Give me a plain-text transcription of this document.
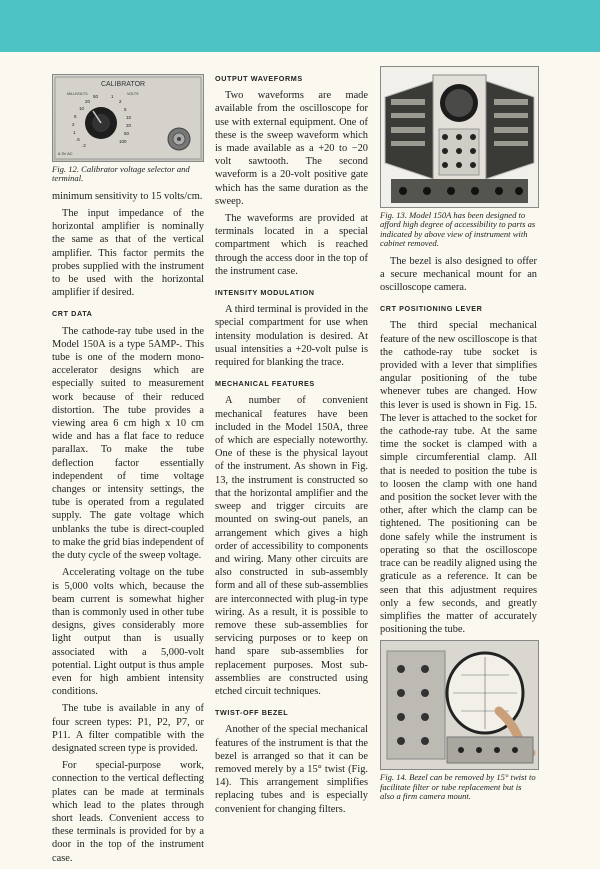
CALIBRATOR
MILLIVOLTS	VOLTS
50
20
10
5
2
1
.5
.2
1
2
5
10
20
50
100
6.3V AC
Fig. 12. Calibrator voltage selector and terminal.

minimum sensitivity to 15 volts/cm.

The input impedance of the horizontal amplifier is nominally the same as that of the vertical amplifier. This factor permits the probes supplied with the instrument to be used with the horizontal amplifier if desired.

CRT DATA

The cathode-ray tube used in the Model 150A is a type 5AMP-. This tube is one of the modern mono-accelerator designs which are especially suited to measurement work because of their reduced distortion. The tube provides a viewing area 6 cm high x 10 cm wide and has a flat face to reduce parallax. To make the tube deflection factor essentially independent of time voltage changes or intensity settings, the tube is operated from a regulated supply. The gate voltage which unblanks the tube is direct-coupled to make the grid bias independent of the duty cycle of the sweep voltage.

Accelerating voltage on the tube is 5,000 volts which, because the beam current is somewhat higher than is commonly used in other tube designs, gives considerably more light output than is usually associated with a 5,000-volt potential. Light output is thus ample even for high ambient intensity conditions.

The tube is available in any of four screen types: P1, P2, P7, or P11. A filter compatible with the designated screen type is provided.

For special-purpose work, connection to the vertical deflecting plates can be made at terminals which lead to the plates through short leads. Convenient access to these terminals is provided for by a door in the top of the instrument case.

OUTPUT WAVEFORMS

Two waveforms are made available from the oscilloscope for use with external equipment. One of these is the sweep waveform which is made available as a +20 to −20 volt sawtooth. The second waveform is a 20-volt positive gate which has the same duration as the sweep.

The waveforms are provided at terminals located in a special compartment which is reached through the access door in the top of the instrument case.

INTENSITY MODULATION

A third terminal is provided in the special compartment for use when intensity modulation is desired. At usual intensities a +20-volt pulse is required for blanking the trace.

MECHANICAL FEATURES

A number of convenient mechanical features have been included in the Model 150A, three of which are especially noteworthy. One of these is the physical layout of the instrument. As shown in Fig. 13, the instrument is constructed so that the horizontal amplifier and the sweep and trigger circuits are mounted on swing-out panels, an arrangement which gives a high order of accessibility to components and wiring. Many other circuits are also constructed in sub-assembly form and all of these sub-assemblies are interconnected with plug-in type wiring. As a result, it is possible to remove these sub-assemblies for servicing purposes or to keep on hand spare sub-assemblies for replacement purposes. Most sub-assemblies are constructed using etched circuit techniques.

TWIST-OFF BEZEL

Another of the special mechanical features of the instrument is that the bezel is arranged so that it can be removed merely by a 15° twist (Fig. 14). This arrangement simplifies replacing tubes and is especially convenient for changing filters.

Fig. 13. Model 150A has been designed to afford high degree of accessibility to parts as indicated by above view of instrument with cabinet removed.

The bezel is also designed to offer a secure mechanical mount for an oscilloscope camera.

CRT POSITIONING LEVER

The third special mechanical feature of the new oscilloscope is that the cathode-ray tube socket is provided with a lever that simplifies angular positioning of the tube whenever tubes are changed. How this lever is used is shown in Fig. 15. The lever is attached to the socket for the cathode-ray tube. At the same time the socket is clamped with a simple circumferential clamp. All that is needed to position the tube is to loosen the clamp with one hand and position the socket lever with the other, after which the clamp can be tightened. The positioning can be done safely while the instrument is operating so that the oscilloscope trace can be readily aligned using the graticule as a reference. It can be seen that this adjustment requires only a few seconds, and greatly simplifies the matter of accurately positioning the tube.

Fig. 14. Bezel can be removed by 15° twist to facilitate filter or tube replacement but is also a firm camera mount.
